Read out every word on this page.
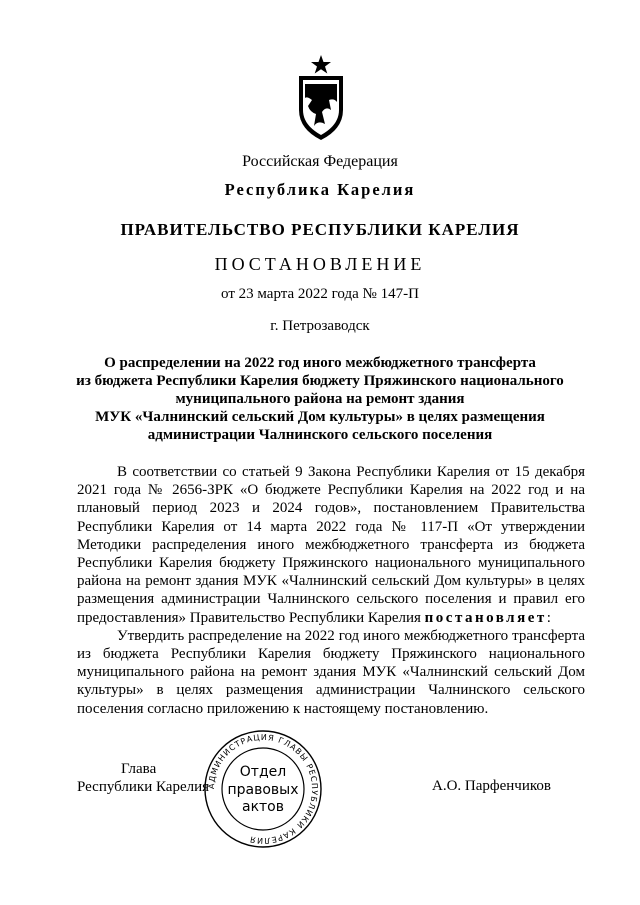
Российская Федерация
Республика Карелия
ПРАВИТЕЛЬСТВО РЕСПУБЛИКИ КАРЕЛИЯ
ПОСТАНОВЛЕНИЕ
от 23 марта 2022 года № 147-П
г. Петрозаводск
О распределении на 2022 год иного межбюджетного трансферта
из бюджета Республики Карелия бюджету Пряжинского национального
муниципального района на ремонт здания
МУК «Чалнинский сельский Дом культуры» в целях размещения
администрации Чалнинского сельского поселения

В соответствии со статьей 9 Закона Республики Карелия от 15 декабря 2021 года № 2656-ЗРК «О бюджете Республики Карелия на 2022 год и на плановый период 2023 и 2024 годов», постановлением Правительства Республики Карелия от 14 марта 2022 года № 117-П «От утверждении Методики распределения иного межбюджетного трансферта из бюджета Республики Карелия бюджету Пряжинского национального муниципального района на ремонт здания МУК «Чалнинский сельский Дом культуры» в целях размещения администрации Чалнинского сельского поселения и правил его предоставления» Правительство Республики Карелия постановляет:

Утвердить распределение на 2022 год иного межбюджетного трансферта из бюджета Республики Карелия бюджету Пряжинского национального муниципального района на ремонт здания МУК «Чалнинский сельский Дом культуры» в целях размещения администрации Чалнинского сельского поселения согласно приложению к настоящему постановлению.

Глава
Республики Карелия
АДМИНИСТРАЦИЯ ГЛАВЫ РЕСПУБЛИКИ КАРЕЛИЯ
Отдел
правовых
актов
А.О. Парфенчиков
